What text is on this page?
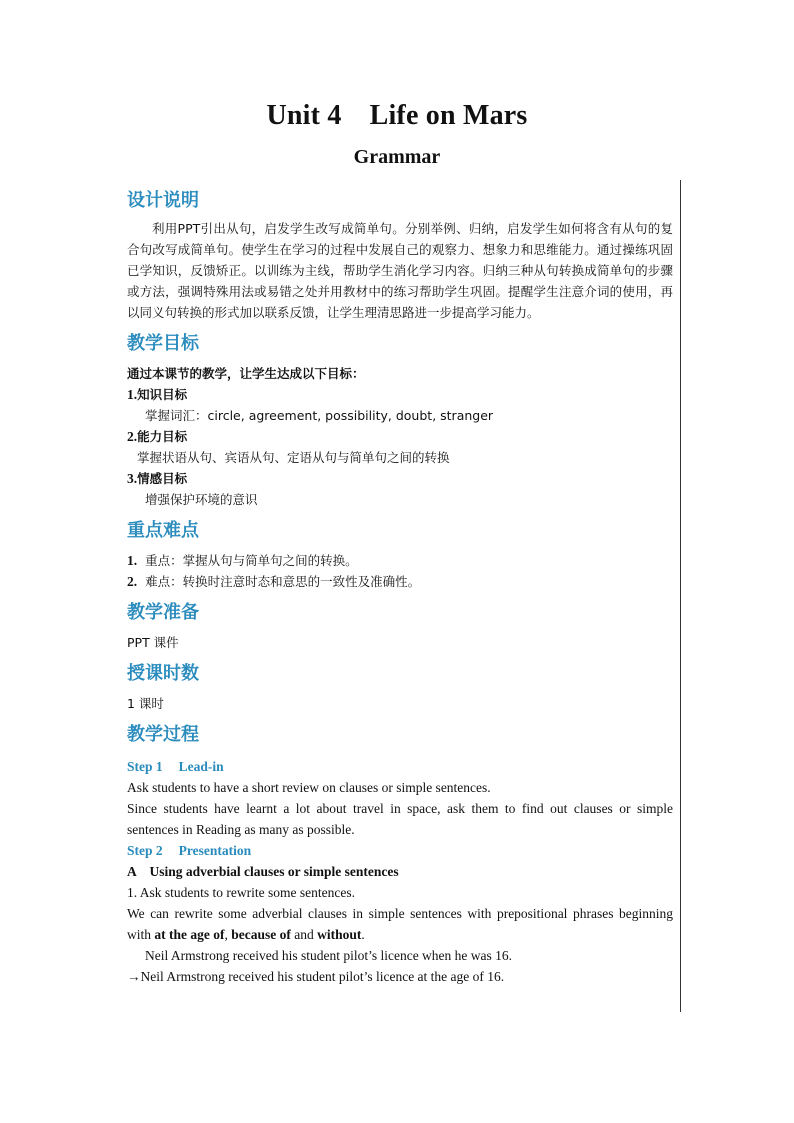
Unit 4 Life on Mars
Grammar
设计说明
利用PPT引出从句，启发学生改写成简单句。分别举例、归纳，启发学生如何将含有从句的复合句改写成简单句。使学生在学习的过程中发展自己的观察力、想象力和思维能力。通过操练巩固已学知识，反馈矫正。以训练为主线，帮助学生消化学习内容。归纳三种从句转换成简单句的步骤或方法，强调特殊用法或易错之处并用教材中的练习帮助学生巩固。提醒学生注意介词的使用，再以同义句转换的形式加以联系反馈，让学生理清思路进一步提高学习能力。
教学目标
通过本课节的教学，让学生达成以下目标：
1.知识目标
掌握词汇：circle, agreement, possibility, doubt, stranger
2.能力目标
掌握状语从句、宾语从句、定语从句与简单句之间的转换
3.情感目标
增强保护环境的意识
重点难点
1. 重点：掌握从句与简单句之间的转换。
2. 难点：转换时注意时态和意思的一致性及准确性。
教学准备
PPT 课件
授课时数
1 课时
教学过程
Step 1 Lead-in
Ask students to have a short review on clauses or simple sentences.
Since students have learnt a lot about travel in space, ask them to find out clauses or simple sentences in Reading as many as possible.
Step 2 Presentation
A    Using adverbial clauses or simple sentences
1. Ask students to rewrite some sentences.
We can rewrite some adverbial clauses in simple sentences with prepositional phrases beginning with at the age of, because of and without.
Neil Armstrong received his student pilot’s licence when he was 16.
→Neil Armstrong received his student pilot’s licence at the age of 16.
